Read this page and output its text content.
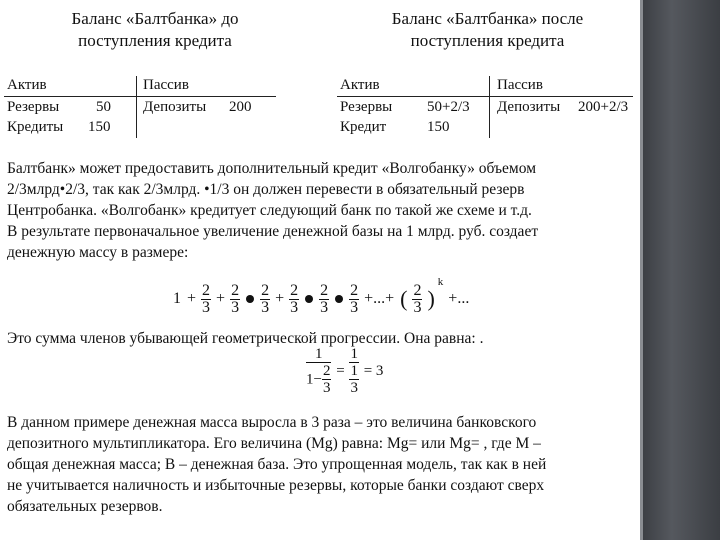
Баланс «Балтбанка» до
поступления кредита
Баланс «Балтбанка» после
поступления кредита
Актив	Пассив
Резервы 50 Депозиты 200
Кредиты 150
Актив	Пассив
Резервы 50+2/3 Депозиты 200+2/3
Кредит	150
Балтбанк» может предоставить дополнительный кредит «Волгобанку» объемом
2/3млрд•2/3, так как 2/3млрд. •1/3 он должен перевести в обязательный резерв
Центробанка. «Волгобанк» кредитует следующий банк по такой же схеме и т.д.
В результате первоначальное увеличение денежной базы на 1 млрд. руб. создает
денежную массу в размере:
$1 + \frac{2}{3} + \frac{2}{3}$
$\frac{2}{3} + \frac{2}{3}$
$\frac{2}{3}$
$\frac{2}{3}$ +...+ ( $\frac{2}{3}$ ) $^k$ +...
Это сумма членов убывающей геометрической прогрессии. Она равна: .
$\frac{1}{1- \frac{2}{3}} = \frac{1}{\frac{1}{3}} = 3$
В данном примере денежная масса выросла в 3 раза – это величина банковского
депозитного мультипликатора. Его величина (Mg) равна: Mg= или Mg= , где М –
общая денежная масса; В – денежная база. Это упрощенная модель, так как в ней
не учитывается наличность и избыточные резервы, которые банки создают сверх
обязательных резервов.
